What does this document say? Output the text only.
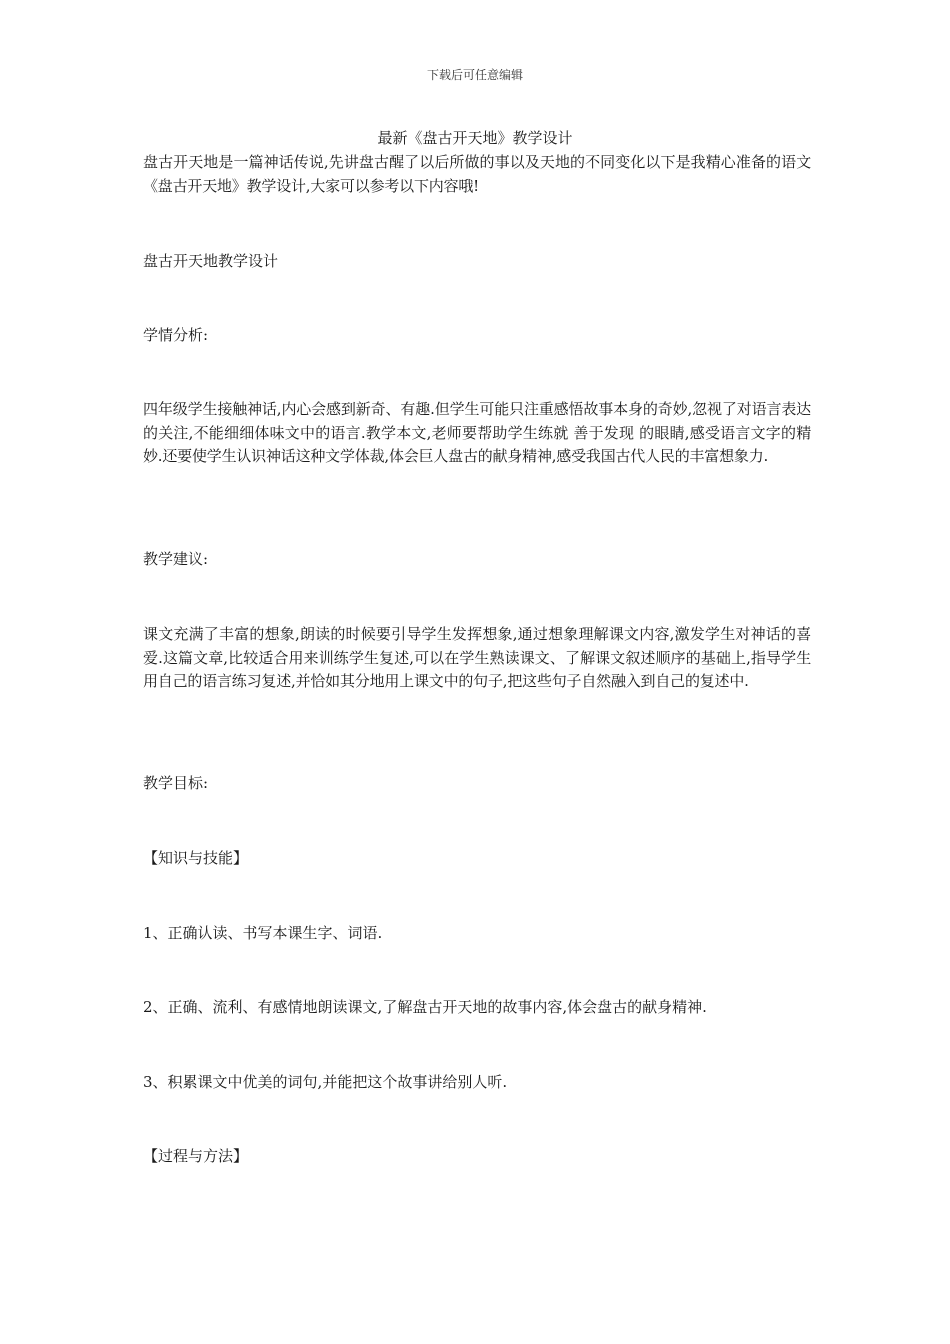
下载后可任意编辑
最新《盘古开天地》教学设计
盘古开天地是一篇神话传说,先讲盘古醒了以后所做的事以及天地的不同变化以下是我精心准备的语文《盘古开天地》教学设计,大家可以参考以下内容哦!
盘古开天地教学设计
学情分析:
四年级学生接触神话,内心会感到新奇、有趣.但学生可能只注重感悟故事本身的奇妙,忽视了对语言表达的关注,不能细细体味文中的语言.教学本文,老师要帮助学生练就 善于发现 的眼睛,感受语言文字的精妙.还要使学生认识神话这种文学体裁,体会巨人盘古的献身精神,感受我国古代人民的丰富想象力.
教学建议:
课文充满了丰富的想象,朗读的时候要引导学生发挥想象,通过想象理解课文内容,激发学生对神话的喜爱.这篇文章,比较适合用来训练学生复述,可以在学生熟读课文、了解课文叙述顺序的基础上,指导学生用自己的语言练习复述,并恰如其分地用上课文中的句子,把这些句子自然融入到自己的复述中.
教学目标:
【知识与技能】
1、正确认读、书写本课生字、词语.
2、正确、流利、有感情地朗读课文,了解盘古开天地的故事内容,体会盘古的献身精神.
3、积累课文中优美的词句,并能把这个故事讲给别人听.
【过程与方法】
